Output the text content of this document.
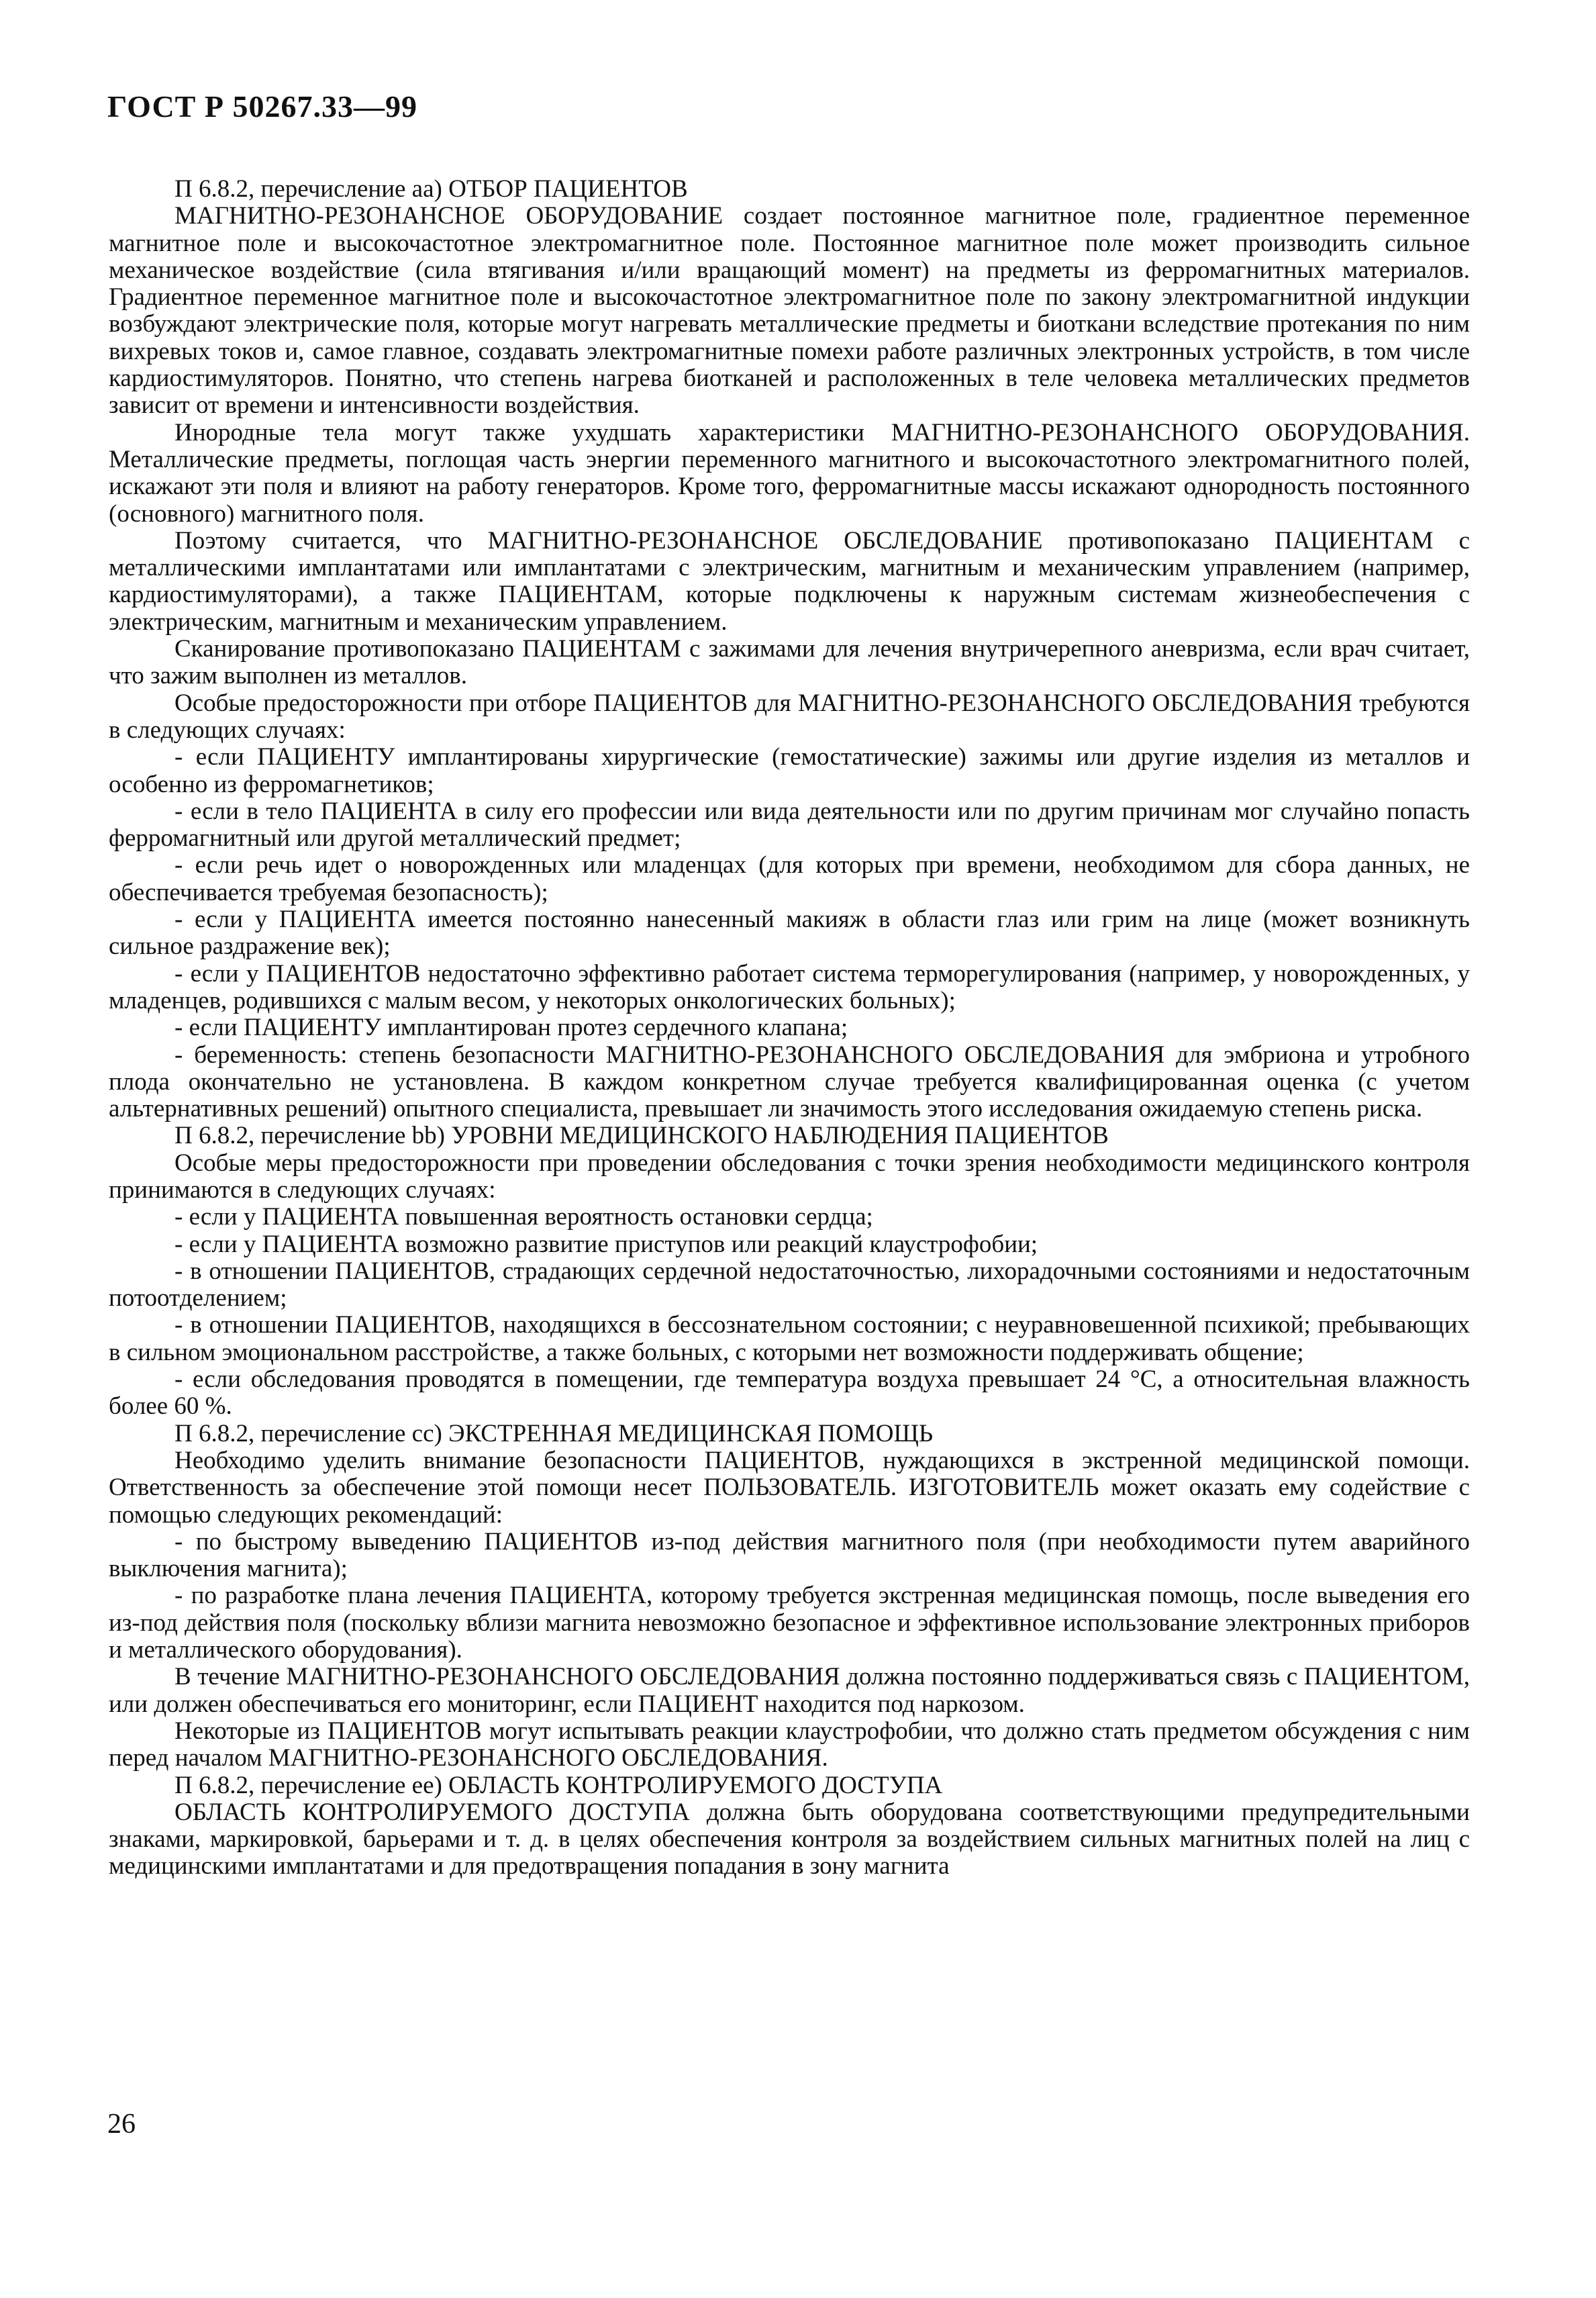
ГОСТ Р 50267.33—99

П 6.8.2, перечисление аа) ОТБОР ПАЦИЕНТОВ

МАГНИТНО-РЕЗОНАНСНОЕ ОБОРУДОВАНИЕ создает постоянное магнитное поле, градиентное переменное магнитное поле и высокочастотное электромагнитное поле. Постоянное магнитное поле может производить сильное механическое воздействие (сила втягивания и/или вращающий момент) на предметы из ферромагнитных материалов. Градиентное переменное магнитное поле и высокочастотное электромагнитное поле по закону электромагнитной индукции возбуждают электрические поля, которые могут нагревать металлические предметы и биоткани вследствие протекания по ним вихревых токов и, самое главное, создавать электромагнитные помехи работе различных электронных устройств, в том числе кардиостимуляторов. Понятно, что степень нагрева биотканей и расположенных в теле человека металлических предметов зависит от времени и интенсивности воздействия.

Инородные тела могут также ухудшать характеристики МАГНИТНО-РЕЗОНАНСНОГО ОБОРУДОВАНИЯ. Металлические предметы, поглощая часть энергии переменного магнитного и высокочастотного электромагнитного полей, искажают эти поля и влияют на работу генераторов. Кроме того, ферромагнитные массы искажают однородность постоянного (основного) магнитного поля.

Поэтому считается, что МАГНИТНО-РЕЗОНАНСНОЕ ОБСЛЕДОВАНИЕ противопоказано ПАЦИЕНТАМ с металлическими имплантатами или имплантатами с электрическим, магнитным и механическим управлением (например, кардиостимуляторами), а также ПАЦИЕНТАМ, которые подключены к наружным системам жизнеобеспечения с электрическим, магнитным и механическим управлением.

Сканирование противопоказано ПАЦИЕНТАМ с зажимами для лечения внутричерепного аневризма, если врач считает, что зажим выполнен из металлов.

Особые предосторожности при отборе ПАЦИЕНТОВ для МАГНИТНО-РЕЗОНАНСНОГО ОБСЛЕДОВАНИЯ требуются в следующих случаях:

- если ПАЦИЕНТУ имплантированы хирургические (гемостатические) зажимы или другие изделия из металлов и особенно из ферромагнетиков;

- если в тело ПАЦИЕНТА в силу его профессии или вида деятельности или по другим причинам мог случайно попасть ферромагнитный или другой металлический предмет;

- если речь идет о новорожденных или младенцах (для которых при времени, необходимом для сбора данных, не обеспечивается требуемая безопасность);

- если у ПАЦИЕНТА имеется постоянно нанесенный макияж в области глаз или грим на лице (может возникнуть сильное раздражение век);

- если у ПАЦИЕНТОВ недостаточно эффективно работает система терморегулирования (например, у новорожденных, у младенцев, родившихся с малым весом, у некоторых онкологических больных);

- если ПАЦИЕНТУ имплантирован протез сердечного клапана;

- беременность: степень безопасности МАГНИТНО-РЕЗОНАНСНОГО ОБСЛЕДОВАНИЯ для эмбриона и утробного плода окончательно не установлена. В каждом конкретном случае требуется квалифицированная оценка (с учетом альтернативных решений) опытного специалиста, превышает ли значимость этого исследования ожидаемую степень риска.

П 6.8.2, перечисление bb) УРОВНИ МЕДИЦИНСКОГО НАБЛЮДЕНИЯ ПАЦИЕНТОВ

Особые меры предосторожности при проведении обследования с точки зрения необходимости медицинского контроля принимаются в следующих случаях:

- если у ПАЦИЕНТА повышенная вероятность остановки сердца;

- если у ПАЦИЕНТА возможно развитие приступов или реакций клаустрофобии;

- в отношении ПАЦИЕНТОВ, страдающих сердечной недостаточностью, лихорадочными состояниями и недостаточным потоотделением;

- в отношении ПАЦИЕНТОВ, находящихся в бессознательном состоянии; с неуравновешенной психикой; пребывающих в сильном эмоциональном расстройстве, а также больных, с которыми нет возможности поддерживать общение;

- если обследования проводятся в помещении, где температура воздуха превышает 24 °С, а относительная влажность более 60 %.

П 6.8.2, перечисление сс) ЭКСТРЕННАЯ МЕДИЦИНСКАЯ ПОМОЩЬ

Необходимо уделить внимание безопасности ПАЦИЕНТОВ, нуждающихся в экстренной медицинской помощи. Ответственность за обеспечение этой помощи несет ПОЛЬЗОВАТЕЛЬ. ИЗГОТОВИТЕЛЬ может оказать ему содействие с помощью следующих рекомендаций:

- по быстрому выведению ПАЦИЕНТОВ из-под действия магнитного поля (при необходимости путем аварийного выключения магнита);

- по разработке плана лечения ПАЦИЕНТА, которому требуется экстренная медицинская помощь, после выведения его из-под действия поля (поскольку вблизи магнита невозможно безопасное и эффективное использование электронных приборов и металлического оборудования).

В течение МАГНИТНО-РЕЗОНАНСНОГО ОБСЛЕДОВАНИЯ должна постоянно поддерживаться связь с ПАЦИЕНТОМ, или должен обеспечиваться его мониторинг, если ПАЦИЕНТ находится под наркозом.

Некоторые из ПАЦИЕНТОВ могут испытывать реакции клаустрофобии, что должно стать предметом обсуждения с ним перед началом МАГНИТНО-РЕЗОНАНСНОГО ОБСЛЕДОВАНИЯ.

П 6.8.2, перечисление ее) ОБЛАСТЬ КОНТРОЛИРУЕМОГО ДОСТУПА

ОБЛАСТЬ КОНТРОЛИРУЕМОГО ДОСТУПА должна быть оборудована соответствующими предупредительными знаками, маркировкой, барьерами и т. д. в целях обеспечения контроля за воздействием сильных магнитных полей на лиц с медицинскими имплантатами и для предотвращения попадания в зону магнита

26
